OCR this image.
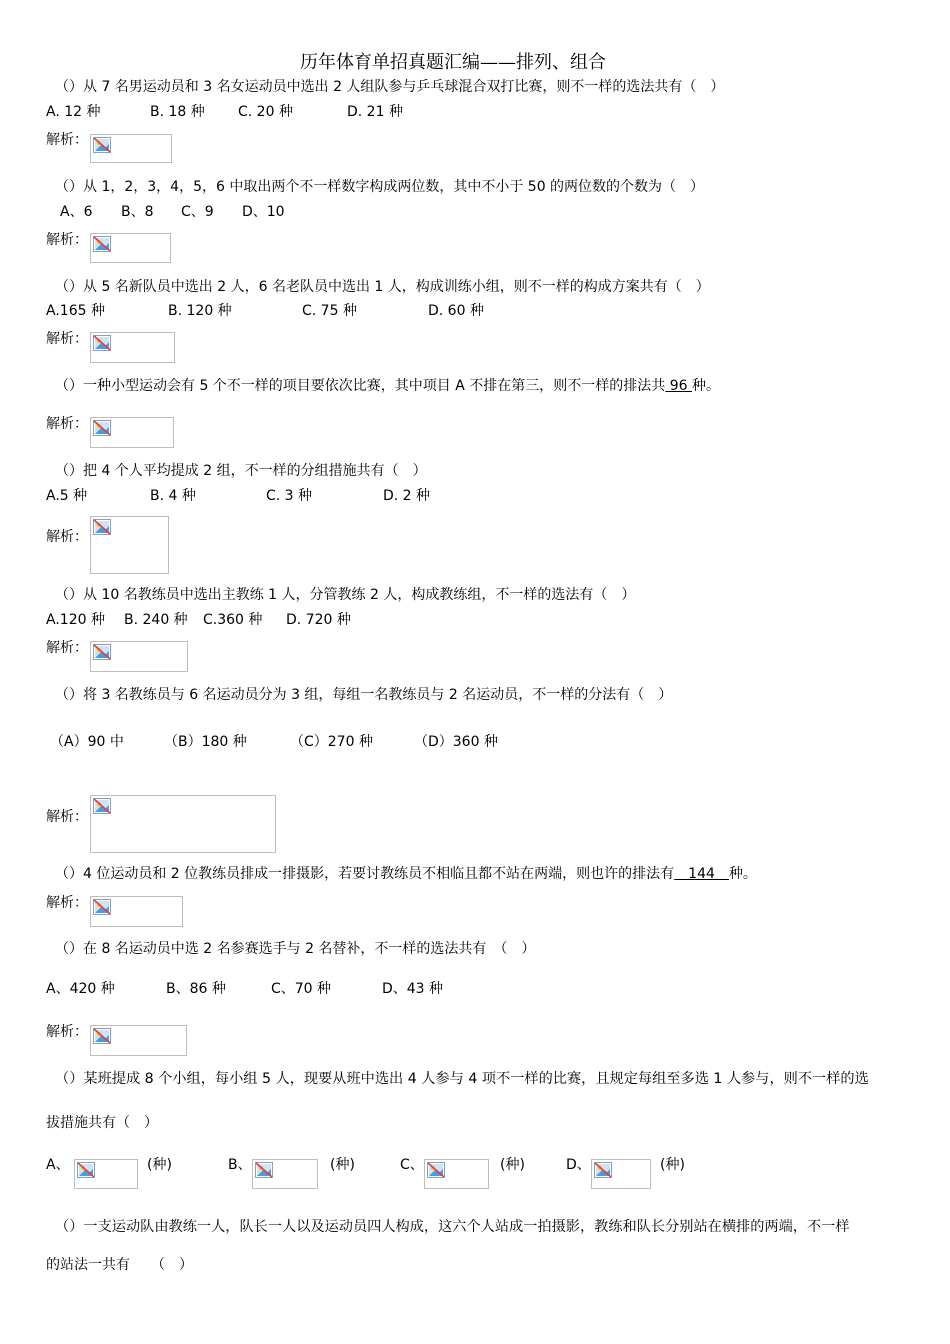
历年体育单招真题汇编——排列、组合
（）从 7 名男运动员和 3 名女运动员中选出 2 人组队参与乒乓球混合双打比赛，则不一样的选法共有（　）
A. 12 种	B. 18 种 C. 20 种	D. 21 种
解析：
（）从 1，2，3，4，5，6 中取出两个不一样数字构成两位数，其中不小于 50 的两位数的个数为（　）
A、6 B、8 C、9 D、10
解析：
（）从 5 名新队员中选出 2 人，6 名老队员中选出 1 人，构成训练小组，则不一样的构成方案共有（　）
A.165 种	B. 120 种	C. 75 种	D. 60 种
解析：
（）一种小型运动会有 5 个不一样的项目要依次比赛，其中项目 A 不排在第三，则不一样的排法共 96 种。
解析：
（）把 4 个人平均提成 2 组，不一样的分组措施共有（　）
A.5 种	B. 4 种	C. 3 种	D. 2 种
解析：
（）从 10 名教练员中选出主教练 1 人，分管教练 2 人，构成教练组，不一样的选法有（　）
A.120 种 B. 240 种 C.360 种 D. 720 种
解析：
（）将 3 名教练员与 6 名运动员分为 3 组，每组一名教练员与 2 名运动员，不一样的分法有（　）
（A）90 中	（B）180 种	（C）270 种	（D）360 种
解析：
（）4 位运动员和 2 位教练员排成一排摄影，若要讨教练员不相临且都不站在两端，则也许的排法有　144　种。
解析：
（）在 8 名运动员中选 2 名参赛选手与 2 名替补，不一样的选法共有　（　）
A、420 种	B、86 种	C、70 种	D、43 种
解析：
（）某班提成 8 个小组，每小组 5 人，现要从班中选出 4 人参与 4 项不一样的比赛，且规定每组至多选 1 人参与，则不一样的选
拔措施共有（　）
A、	(种)	B、	(种)	C、	(种)	D、	(种)
（）一支运动队由教练一人，队长一人以及运动员四人构成，这六个人站成一拍摄影，教练和队长分别站在横排的两端，不一样
的站法一共有　　（　）
